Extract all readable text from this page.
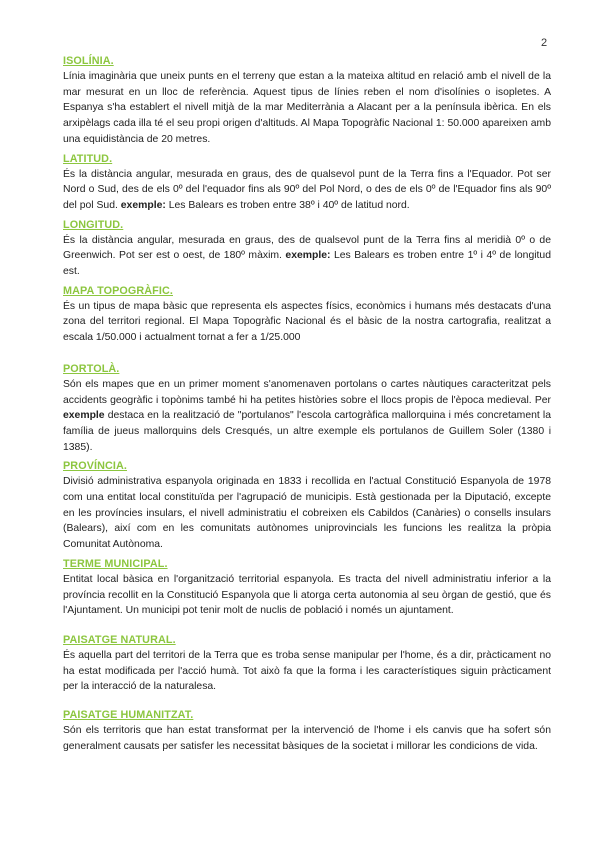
2
ISOLÍNIA.

Línia imaginària que uneix punts en el terreny que estan a la mateixa altitud en relació amb el nivell de la mar mesurat en un lloc de referència. Aquest tipus de línies reben el nom d'isolínies o isopletes. A Espanya s'ha establert el nivell mitjà de la mar Mediterrània a Alacant per a la península ibèrica. En els arxipèlags cada illa té el seu propi origen d'altituds. Al Mapa Topogràfic Nacional 1: 50.000 apareixen amb una equidistància de 20 metres.

LATITUD.

És la distància angular, mesurada en graus, des de qualsevol punt de la Terra fins a l'Equador. Pot ser Nord o Sud, des de els 0º del l'equador fins als 90º del Pol Nord, o des de els 0º de l'Equador fins als 90º del pol Sud. exemple: Les Balears es troben entre 38º i 40º de latitud nord.

LONGITUD.

És la distància angular, mesurada en graus, des de qualsevol punt de la Terra fins al meridià 0º o de Greenwich. Pot ser est o oest, de 180º màxim. exemple: Les Balears es troben entre 1º i 4º de longitud est.

MAPA TOPOGRÀFIC.

És un tipus de mapa bàsic que representa els aspectes físics, econòmics i humans més destacats d'una zona del territori regional. El Mapa Topogràfic Nacional és el bàsic de la nostra cartografia, realitzat a escala 1/50.000 i actualment tornat a fer a 1/25.000

PORTOLÀ.

Són els mapes que en un primer moment s'anomenaven portolans o cartes nàutiques caracteritzat pels accidents geogràfic i topònims també hi ha petites històries sobre el llocs propis de l'època medieval. Per exemple destaca en la realització de "portulanos" l'escola cartogràfica mallorquina i més concretament la família de jueus mallorquins dels Cresqués, un altre exemple els portulanos de Guillem Soler (1380 i 1385).

PROVÍNCIA.

Divisió administrativa espanyola originada en 1833 i recollida en l'actual Constitució Espanyola de 1978 com una entitat local constituïda per l'agrupació de municipis. Està gestionada per la Diputació, excepte en les províncies insulars, el nivell administratiu el cobreixen els Cabildos (Canàries) o consells insulars (Balears), així com en les comunitats autònomes uniprovincials les funcions les realitza la pròpia Comunitat Autònoma.

TERME MUNICIPAL.

Entitat local bàsica en l'organització territorial espanyola. Es tracta del nivell administratiu inferior a la província recollit en la Constitució Espanyola que li atorga certa autonomia al seu òrgan de gestió, que és l'Ajuntament. Un municipi pot tenir molt de nuclis de població i només un ajuntament.

PAISATGE NATURAL.

És aquella part del territori de la Terra que es troba sense manipular per l'home, és a dir, pràcticament no ha estat modificada per l'acció humà. Tot això fa que la forma i les característiques siguin pràcticament per la interacció de la naturalesa.

PAISATGE HUMANITZAT.

Són els territoris que han estat transformat per la intervenció de l'home i els canvis que ha sofert són generalment causats per satisfer les necessitat bàsiques de la societat i millorar les condicions de vida.
